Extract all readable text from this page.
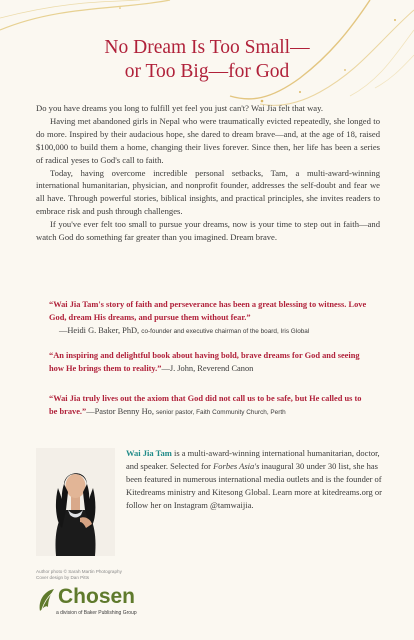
No Dream Is Too Small—
or Too Big—for God

Do you have dreams you long to fulfill yet feel you just can't? Wai Jia felt that way.

Having met abandoned girls in Nepal who were traumatically evicted repeatedly, she longed to do more. Inspired by their audacious hope, she dared to dream brave—and, at the age of 18, raised $100,000 to build them a home, changing their lives forever. Since then, her life has been a series of radical yeses to God's call to faith.

Today, having overcome incredible personal setbacks, Tam, a multi-award-winning international humanitarian, physician, and nonprofit founder, addresses the self-doubt and fear we all have. Through powerful stories, biblical insights, and practical principles, she invites readers to embrace risk and push through challenges.

If you've ever felt too small to pursue your dreams, now is your time to step out in faith—and watch God do something far greater than you imagined. Dream brave.

“Wai Jia Tam's story of faith and perseverance has been a great blessing to witness. Love God, dream His dreams, and pursue them without fear.”
—Heidi G. Baker, PhD, co-founder and executive chairman of the board, Iris Global
“An inspiring and delightful book about having bold, brave dreams for God and seeing how He brings them to reality.”—J. John, Reverend Canon
“Wai Jia truly lives out the axiom that God did not call us to be safe, but He called us to be brave.”—Pastor Benny Ho, senior pastor, Faith Community Church, Perth
Wai Jia Tam is a multi-award-winning international humanitarian, doctor, and speaker. Selected for Forbes Asia's inaugural 30 under 30 list, she has been featured in numerous international media outlets and is the founder of Kitedreams ministry and Kitesong Global. Learn more at kitedreams.org or follow her on Instagram @tamwaijia.
Author photo © Sarah Martin Photography
Cover design by Dan Pitts
Chosen
a division of Baker Publishing Group
